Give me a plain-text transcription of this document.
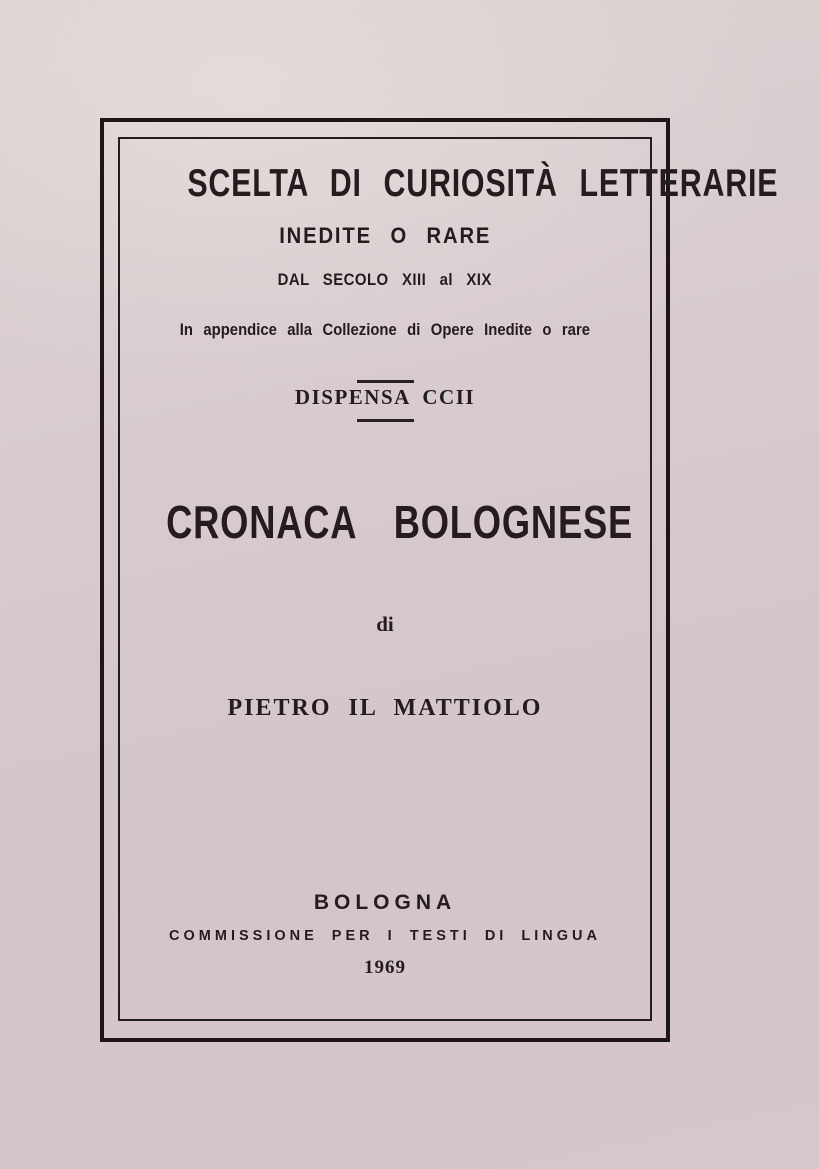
SCELTA DI CURIOSITÀ LETTERARIE
INEDITE O RARE
DAL SECOLO XIII al XIX
In appendice alla Collezione di Opere Inedite o rare
DISPENSA CCII
CRONACA BOLOGNESE
di
PIETRO IL MATTIOLO
BOLOGNA
COMMISSIONE PER I TESTI DI LINGUA
1969
